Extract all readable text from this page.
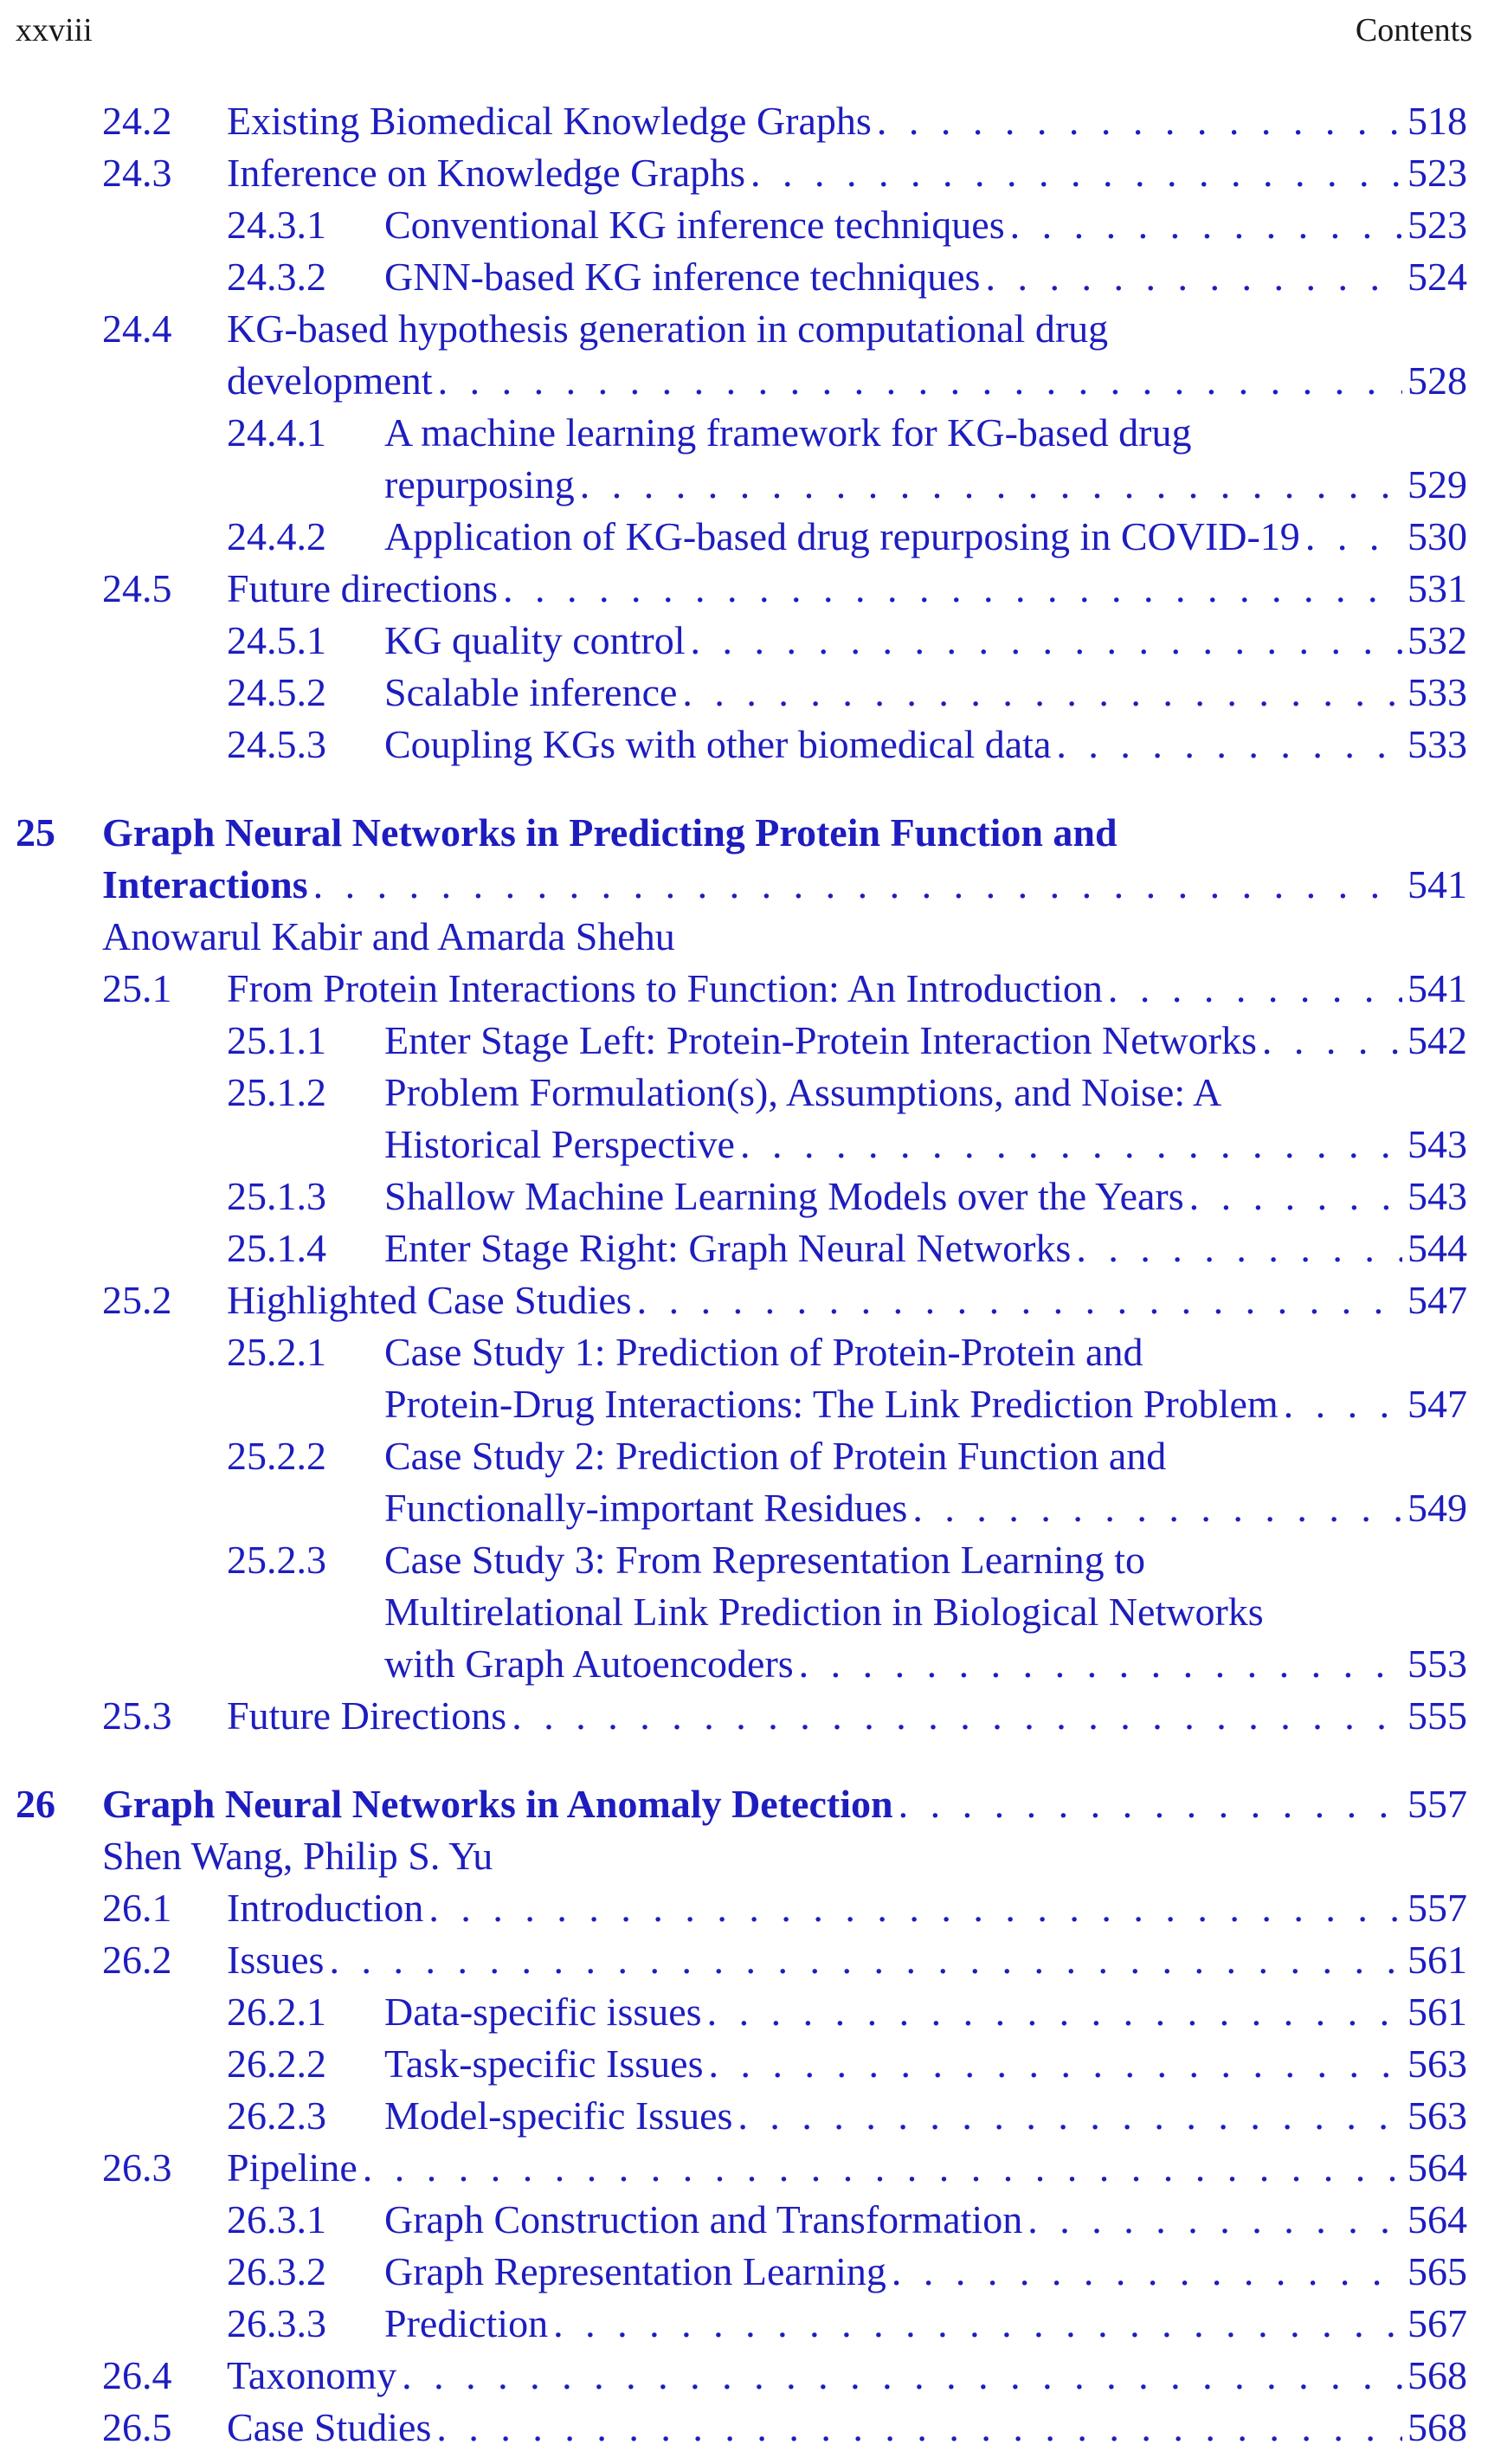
xxviii	Contents
24.2	Existing Biomedical Knowledge Graphs . . .	518
24.3	Inference on Knowledge Graphs . . .	523
24.3.1	Conventional KG inference techniques . . .	523
24.3.2	GNN-based KG inference techniques . . .	524
24.4	KG-based hypothesis generation in computational drug
development . . .	528
24.4.1	A machine learning framework for KG-based drug
repurposing . . .	529
24.4.2	Application of KG-based drug repurposing in COVID-19 . . .	530
24.5	Future directions . . .	531
24.5.1	KG quality control . . .	532
24.5.2	Scalable inference . . .	533
24.5.3	Coupling KGs with other biomedical data . . .	533
25	Graph Neural Networks in Predicting Protein Function and
Interactions . . .	541
Anowarul Kabir and Amarda Shehu
25.1	From Protein Interactions to Function: An Introduction . . .	541
25.1.1	Enter Stage Left: Protein-Protein Interaction Networks . . .	542
25.1.2	Problem Formulation(s), Assumptions, and Noise: A
Historical Perspective . . .	543
25.1.3	Shallow Machine Learning Models over the Years . . .	543
25.1.4	Enter Stage Right: Graph Neural Networks . . .	544
25.2	Highlighted Case Studies . . .	547
25.2.1	Case Study 1: Prediction of Protein-Protein and
Protein-Drug Interactions: The Link Prediction Problem . . .	547
25.2.2	Case Study 2: Prediction of Protein Function and
Functionally-important Residues . . .	549
25.2.3	Case Study 3: From Representation Learning to
Multirelational Link Prediction in Biological Networks
with Graph Autoencoders . . .	553
25.3	Future Directions . . .	555
26	Graph Neural Networks in Anomaly Detection . . .	557
Shen Wang, Philip S. Yu
26.1	Introduction . . .	557
26.2	Issues . . .	561
26.2.1	Data-specific issues . . .	561
26.2.2	Task-specific Issues . . .	563
26.2.3	Model-specific Issues . . .	563
26.3	Pipeline . . .	564
26.3.1	Graph Construction and Transformation . . .	564
26.3.2	Graph Representation Learning . . .	565
26.3.3	Prediction . . .	567
26.4	Taxonomy . . .	568
26.5	Case Studies . . .	568
